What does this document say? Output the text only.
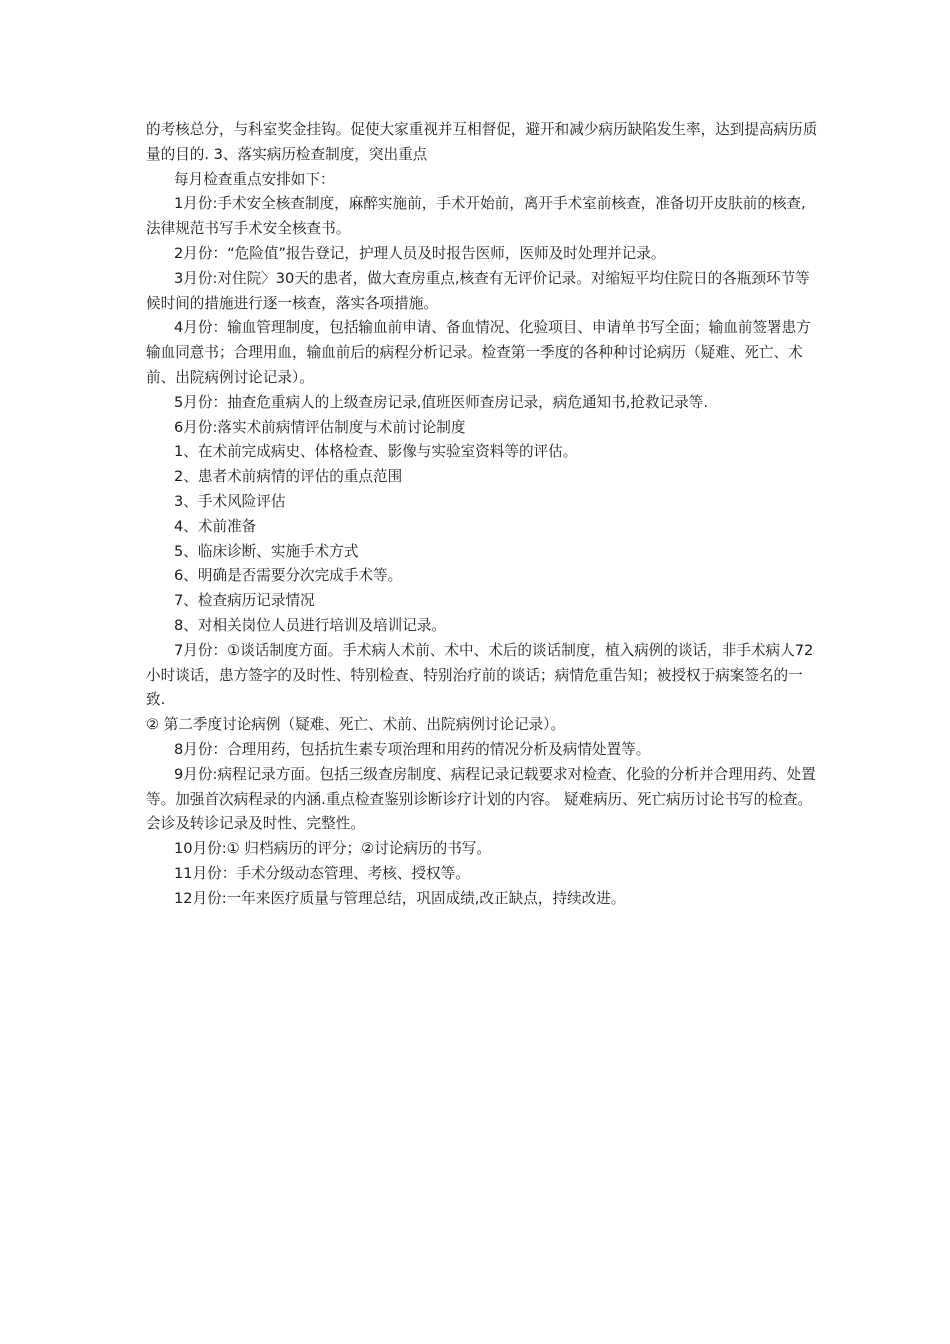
的考核总分，与科室奖金挂钩。促使大家重视并互相督促，避开和减少病历缺陷发生率，达到提高病历质量的目的. 3、落实病历检查制度，突出重点

每月检查重点安排如下：

1月份:手术安全核查制度，麻醉实施前，手术开始前，离开手术室前核查，准备切开皮肤前的核查,法律规范书写手术安全核查书。

2月份：“危险值”报告登记，护理人员及时报告医师，医师及时处理并记录。

3月份:对住院〉30天的患者，做大查房重点,核查有无评价记录。对缩短平均住院日的各瓶颈环节等候时间的措施进行逐一核查，落实各项措施。

4月份：输血管理制度，包括输血前申请、备血情况、化验项目、申请单书写全面；输血前签署患方输血同意书；合理用血，输血前后的病程分析记录。检查第一季度的各种种讨论病历（疑难、死亡、术前、出院病例讨论记录）。

5月份：抽查危重病人的上级查房记录,值班医师查房记录，病危通知书,抢救记录等.

6月份:落实术前病情评估制度与术前讨论制度

1、在术前完成病史、体格检查、影像与实验室资料等的评估。

2、患者术前病情的评估的重点范围

3、手术风险评估

4、术前准备

5、临床诊断、实施手术方式

6、明确是否需要分次完成手术等。

7、检查病历记录情况

8、对相关岗位人员进行培训及培训记录。

7月份：①谈话制度方面。手术病人术前、术中、术后的谈话制度，植入病例的谈话，非手术病人72小时谈话，患方签字的及时性、特别检查、特别治疗前的谈话；病情危重告知；被授权于病案签名的一致.

② 第二季度讨论病例（疑难、死亡、术前、出院病例讨论记录）。

8月份：合理用药，包括抗生素专项治理和用药的情况分析及病情处置等。

9月份:病程记录方面。包括三级查房制度、病程记录记载要求对检查、化验的分析并合理用药、处置等。加强首次病程录的内涵.重点检查鉴别诊断诊疗计划的内容。 疑难病历、死亡病历讨论书写的检查。会诊及转诊记录及时性、完整性。

10月份:① 归档病历的评分；②讨论病历的书写。

11月份：手术分级动态管理、考核、授权等。

12月份:一年来医疗质量与管理总结，巩固成绩,改正缺点，持续改进。
